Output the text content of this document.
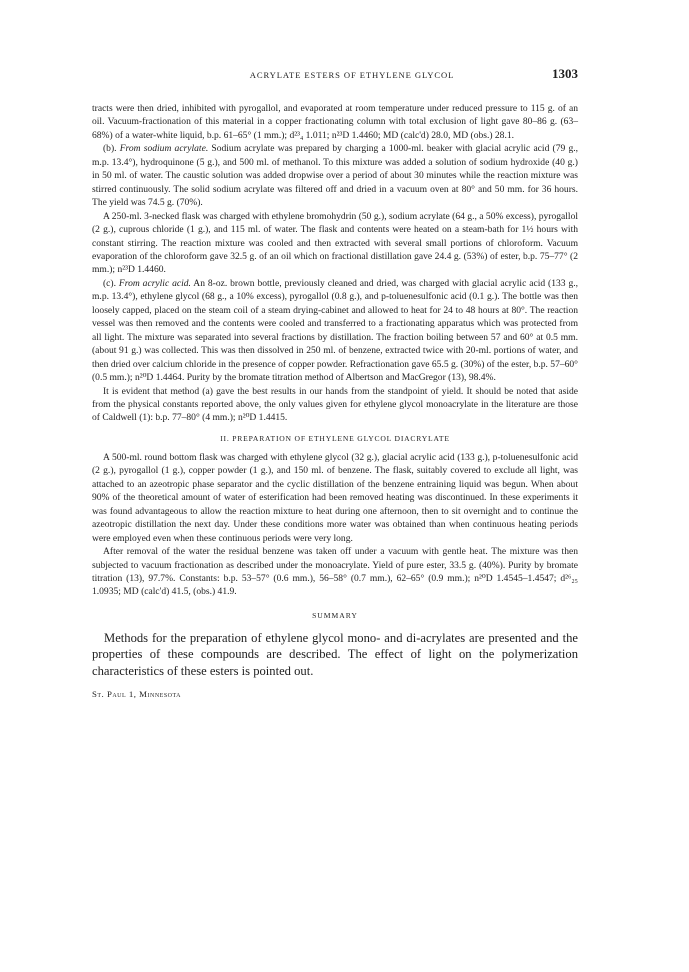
ACRYLATE ESTERS OF ETHYLENE GLYCOL	1303

tracts were then dried, inhibited with pyrogallol, and evaporated at room temperature under reduced pressure to 115 g. of an oil. Vacuum-fractionation of this material in a copper fractionating column with total exclusion of light gave 80–86 g. (63–68%) of a water-white liquid, b.p. 61–65° (1 mm.); d²³₄ 1.011; n²³D 1.4460; MD (calc'd) 28.0, MD (obs.) 28.1.

(b). From sodium acrylate. Sodium acrylate was prepared by charging a 1000-ml. beaker with glacial acrylic acid (79 g., m.p. 13.4°), hydroquinone (5 g.), and 500 ml. of methanol. To this mixture was added a solution of sodium hydroxide (40 g.) in 50 ml. of water. The caustic solution was added dropwise over a period of about 30 minutes while the reaction mixture was stirred continuously. The solid sodium acrylate was filtered off and dried in a vacuum oven at 80° and 50 mm. for 36 hours. The yield was 74.5 g. (70%).

A 250-ml. 3-necked flask was charged with ethylene bromohydrin (50 g.), sodium acrylate (64 g., a 50% excess), pyrogallol (2 g.), cuprous chloride (1 g.), and 115 ml. of water. The flask and contents were heated on a steam-bath for 1½ hours with constant stirring. The reaction mixture was cooled and then extracted with several small portions of chloroform. Vacuum evaporation of the chloroform gave 32.5 g. of an oil which on fractional distillation gave 24.4 g. (53%) of ester, b.p. 75–77° (2 mm.); n²³D 1.4460.

(c). From acrylic acid. An 8-oz. brown bottle, previously cleaned and dried, was charged with glacial acrylic acid (133 g., m.p. 13.4°), ethylene glycol (68 g., a 10% excess), pyrogallol (0.8 g.), and p-toluenesulfonic acid (0.1 g.). The bottle was then loosely capped, placed on the steam coil of a steam drying-cabinet and allowed to heat for 24 to 48 hours at 80°. The reaction vessel was then removed and the contents were cooled and transferred to a fractionating apparatus which was protected from all light. The mixture was separated into several fractions by distillation. The fraction boiling between 57 and 60° at 0.5 mm. (about 91 g.) was collected. This was then dissolved in 250 ml. of benzene, extracted twice with 20-ml. portions of water, and then dried over calcium chloride in the presence of copper powder. Refractionation gave 65.5 g. (30%) of the ester, b.p. 57–60° (0.5 mm.); n²⁰D 1.4464. Purity by the bromate titration method of Albertson and MacGregor (13), 98.4%.

It is evident that method (a) gave the best results in our hands from the standpoint of yield. It should be noted that aside from the physical constants reported above, the only values given for ethylene glycol monoacrylate in the literature are those of Caldwell (1): b.p. 77–80° (4 mm.); n²⁰D 1.4415.

II. PREPARATION OF ETHYLENE GLYCOL DIACRYLATE

A 500-ml. round bottom flask was charged with ethylene glycol (32 g.), glacial acrylic acid (133 g.), p-toluenesulfonic acid (2 g.), pyrogallol (1 g.), copper powder (1 g.), and 150 ml. of benzene. The flask, suitably covered to exclude all light, was attached to an azeotropic phase separator and the cyclic distillation of the benzene entraining liquid was begun. When about 90% of the theoretical amount of water of esterification had been removed heating was discontinued. In these experiments it was found advantageous to allow the reaction mixture to heat during one afternoon, then to sit overnight and to continue the azeotropic distillation the next day. Under these conditions more water was obtained than when continuous heating periods were employed even when these continuous periods were very long.

After removal of the water the residual benzene was taken off under a vacuum with gentle heat. The mixture was then subjected to vacuum fractionation as described under the monoacrylate. Yield of pure ester, 33.5 g. (40%). Purity by bromate titration (13), 97.7%. Constants: b.p. 53–57° (0.6 mm.), 56–58° (0.7 mm.), 62–65° (0.9 mm.); n²⁰D 1.4545–1.4547; d²⁶₂₅ 1.0935; MD (calc'd) 41.5, (obs.) 41.9.

SUMMARY

Methods for the preparation of ethylene glycol mono- and di-acrylates are presented and the properties of these compounds are described. The effect of light on the polymerization characteristics of these esters is pointed out.

St. Paul 1, Minnesota
